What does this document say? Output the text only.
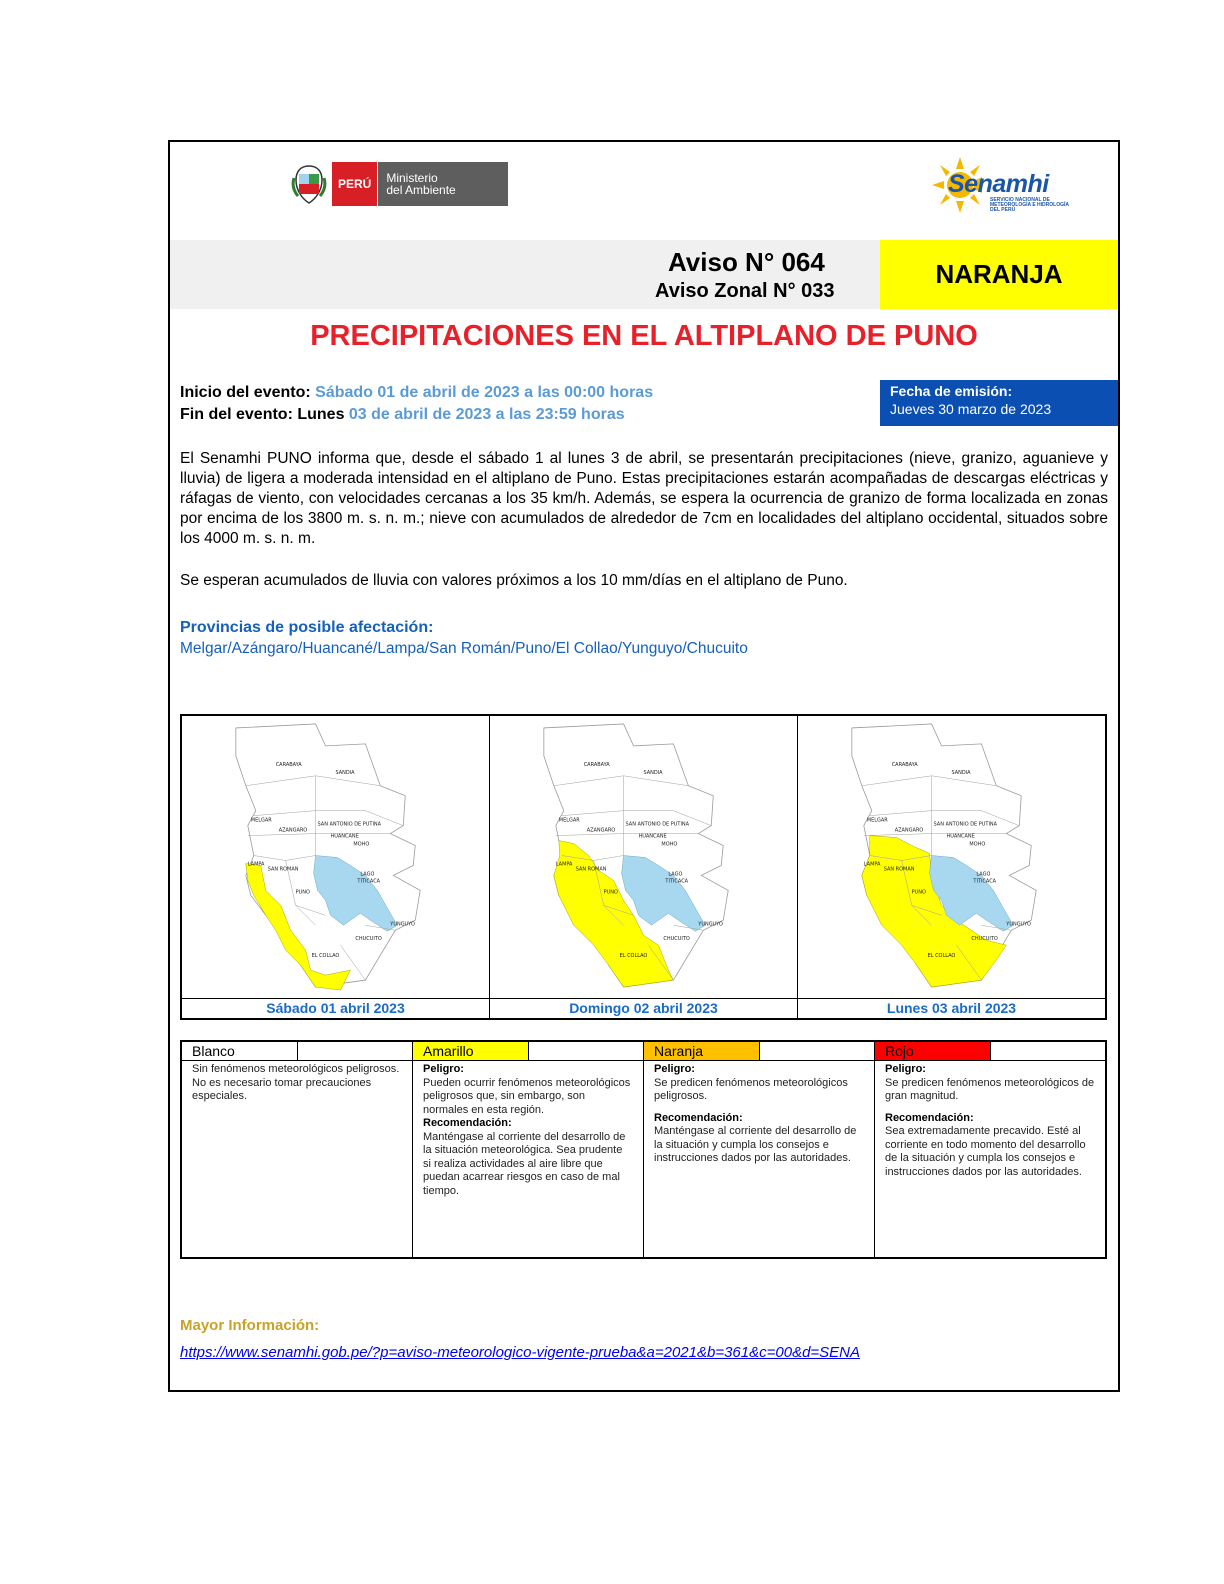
PERÚ	Ministerio
del Ambiente	Senamhi
SERVICIO NACIONAL DE METEOROLOGÍA E HIDROLOGÍA DEL PERÚ
Aviso N° 064
Aviso Zonal N° 033
NARANJA
PRECIPITACIONES EN EL ALTIPLANO DE PUNO
Inicio del evento: Sábado 01 de abril de 2023 a las 00:00 horas
Fin del evento: Lunes 03 de abril de 2023 a las 23:59 horas
Fecha de emisión:
Jueves 30 marzo de 2023
El Senamhi PUNO informa que, desde el sábado 1 al lunes 3 de abril, se presentarán precipitaciones (nieve, granizo, aguanieve y lluvia) de ligera a moderada intensidad en el altiplano de Puno. Estas precipitaciones estarán acompañadas de descargas eléctricas y ráfagas de viento, con velocidades cercanas a los 35 km/h. Además, se espera la ocurrencia de granizo de forma localizada en zonas por encima de los 3800 m. s. n. m.; nieve con acumulados de alrededor de 7cm en localidades del altiplano occidental, situados sobre los 4000 m. s. n. m.
Se esperan acumulados de lluvia con valores próximos a los 10 mm/días en el altiplano de Puno.
Provincias de posible afectación:
Melgar/Azángaro/Huancané/Lampa/San Román/Puno/El Collao/Yunguyo/Chucuito
CARABAYA
SANDIA
MELGAR
AZANGARO
SAN ANTONIO DE PUTINA
HUANCANE
MOHO
LAMPA
SAN ROMAN
LAGO
TITICACA
PUNO
YUNGUYO
CHUCUITO
EL COLLAO
Sábado 01 abril 2023
CARABAYA
SANDIA
MELGAR
AZANGARO
SAN ANTONIO DE PUTINA
HUANCANE
MOHO
LAMPA
SAN ROMAN
LAGO
TITICACA
PUNO
YUNGUYO
CHUCUITO
EL COLLAO
Domingo 02 abril 2023
CARABAYA
SANDIA
MELGAR
AZANGARO
SAN ANTONIO DE PUTINA
HUANCANE
MOHO
LAMPA
SAN ROMAN
LAGO
TITICACA
PUNO
YUNGUYO
CHUCUITO
EL COLLAO
Lunes 03 abril 2023
Blanco
Sin fenómenos meteorológicos peligrosos.
No es necesario tomar precauciones especiales.
Amarillo
Peligro:
Pueden ocurrir fenómenos meteorológicos peligrosos que, sin embargo, son normales en esta región.
Recomendación:
Manténgase al corriente del desarrollo de la situación meteorológica. Sea prudente si realiza actividades al aire libre que puedan acarrear riesgos en caso de mal tiempo.
Naranja
Peligro:
Se predicen fenómenos meteorológicos peligrosos.
Recomendación:
Manténgase al corriente del desarrollo de la situación y cumpla los consejos e instrucciones dados por las autoridades.
Rojo
Peligro:
Se predicen fenómenos meteorológicos de gran magnitud.
Recomendación:
Sea extremadamente precavido. Esté al corriente en todo momento del desarrollo de la situación y cumpla los consejos e instrucciones dados por las autoridades.
Mayor Información:
https://www.senamhi.gob.pe/?p=aviso-meteorologico-vigente-prueba&a=2021&b=361&c=00&d=SENA
